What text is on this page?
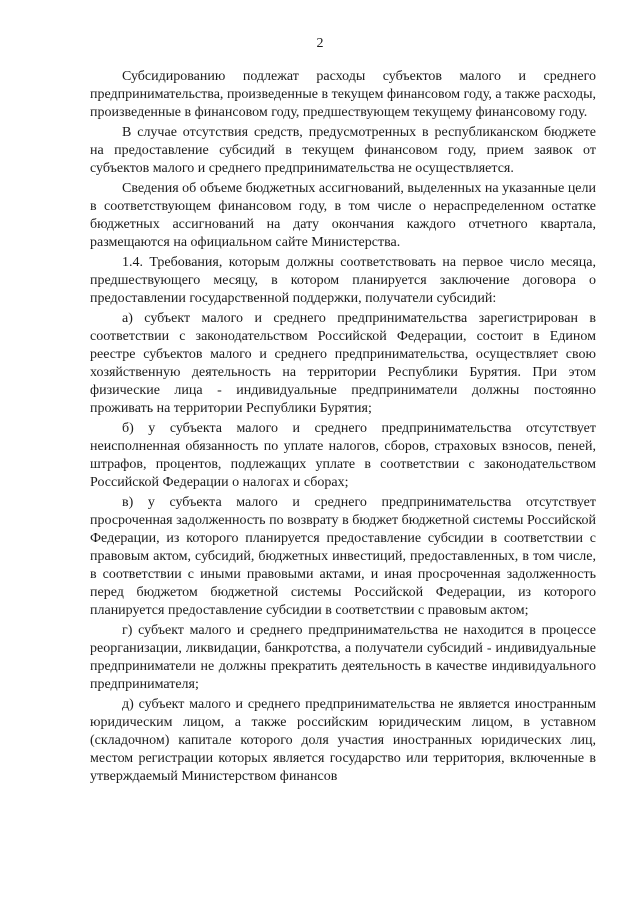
2

Субсидированию подлежат расходы субъектов малого и среднего предпринимательства, произведенные в текущем финансовом году, а также расходы, произведенные в финансовом году, предшествующем текущему финансовому году.

В случае отсутствия средств, предусмотренных в республиканском бюджете на предоставление субсидий в текущем финансовом году, прием заявок от субъектов малого и среднего предпринимательства не осуществляется.

Сведения об объеме бюджетных ассигнований, выделенных на указанные цели в соответствующем финансовом году, в том числе о нераспределенном остатке бюджетных ассигнований на дату окончания каждого отчетного квартала, размещаются на официальном сайте Министерства.

1.4. Требования, которым должны соответствовать на первое число месяца, предшествующего месяцу, в котором планируется заключение договора о предоставлении государственной поддержки, получатели субсидий:

а) субъект малого и среднего предпринимательства зарегистрирован в соответствии с законодательством Российской Федерации, состоит в Едином реестре субъектов малого и среднего предпринимательства, осуществляет свою хозяйственную деятельность на территории Республики Бурятия. При этом физические лица - индивидуальные предприниматели должны постоянно проживать на территории Республики Бурятия;

б) у субъекта малого и среднего предпринимательства отсутствует неисполненная обязанность по уплате налогов, сборов, страховых взносов, пеней, штрафов, процентов, подлежащих уплате в соответствии с законодательством Российской Федерации о налогах и сборах;

в) у субъекта малого и среднего предпринимательства отсутствует просроченная задолженность по возврату в бюджет бюджетной системы Российской Федерации, из которого планируется предоставление субсидии в соответствии с правовым актом, субсидий, бюджетных инвестиций, предоставленных, в том числе, в соответствии с иными правовыми актами, и иная просроченная задолженность перед бюджетом бюджетной системы Российской Федерации, из которого планируется предоставление субсидии в соответствии с правовым актом;

г) субъект малого и среднего предпринимательства не находится в процессе реорганизации, ликвидации, банкротства, а получатели субсидий - индивидуальные предприниматели не должны прекратить деятельность в качестве индивидуального предпринимателя;

д) субъект малого и среднего предпринимательства не является иностранным юридическим лицом, а также российским юридическим лицом, в уставном (складочном) капитале которого доля участия иностранных юридических лиц, местом регистрации которых является государство или территория, включенные в утверждаемый Министерством финансов
